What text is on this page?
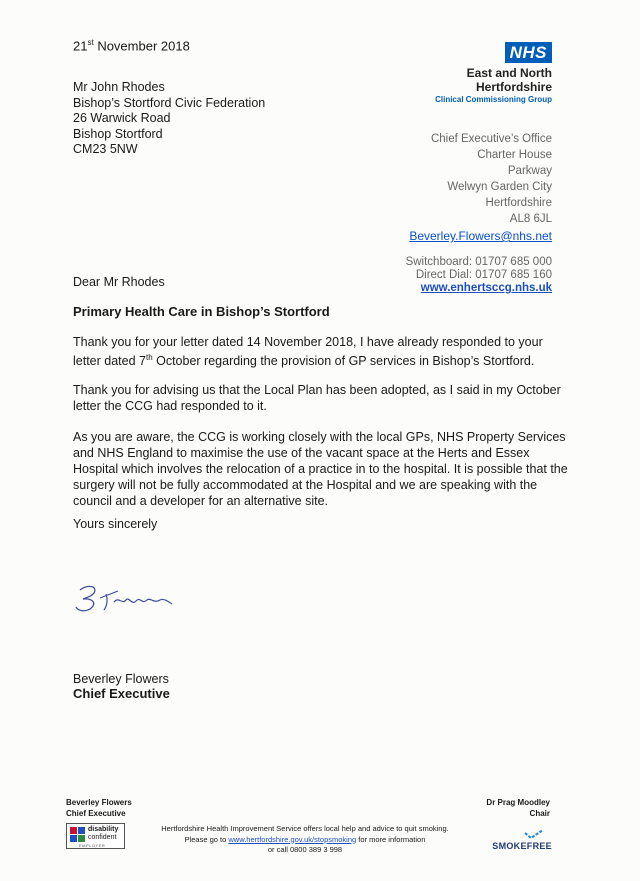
21st November 2018	NHS
East and North
Hertfordshire
Clinical Commissioning Group
Mr John Rhodes
Bishop’s Stortford Civic Federation
26 Warwick Road
Bishop Stortford
CM23 5NW
Chief Executive’s Office
Charter House
Parkway
Welwyn Garden City
Hertfordshire
AL8 6JL
Beverley.Flowers@nhs.net
Switchboard: 01707 685 000
Direct Dial: 01707 685 160
www.enhertsccg.nhs.uk
Dear Mr Rhodes
Primary Health Care in Bishop’s Stortford
Thank you for your letter dated 14 November 2018, I have already responded to your letter dated 7th October regarding the provision of GP services in Bishop’s Stortford.
Thank you for advising us that the Local Plan has been adopted, as I said in my October letter the CCG had responded to it.
As you are aware, the CCG is working closely with the local GPs, NHS Property Services and NHS England to maximise the use of the vacant space at the Herts and Essex Hospital which involves the relocation of a practice in to the hospital. It is possible that the surgery will not be fully accommodated at the Hospital and we are speaking with the council and a developer for an alternative site.
Yours sincerely
Beverley Flowers
Chief Executive
Beverley Flowers
Chief Executive
Dr Prag Moodley
Chair
disability
confident
EMPLOYER
Hertfordshire Health Improvement Service offers local help and advice to quit smoking.
Please go to www.hertfordshire.gov.uk/stopsmoking for more information
or call 0800 389 3 998	SMOKEFREE
